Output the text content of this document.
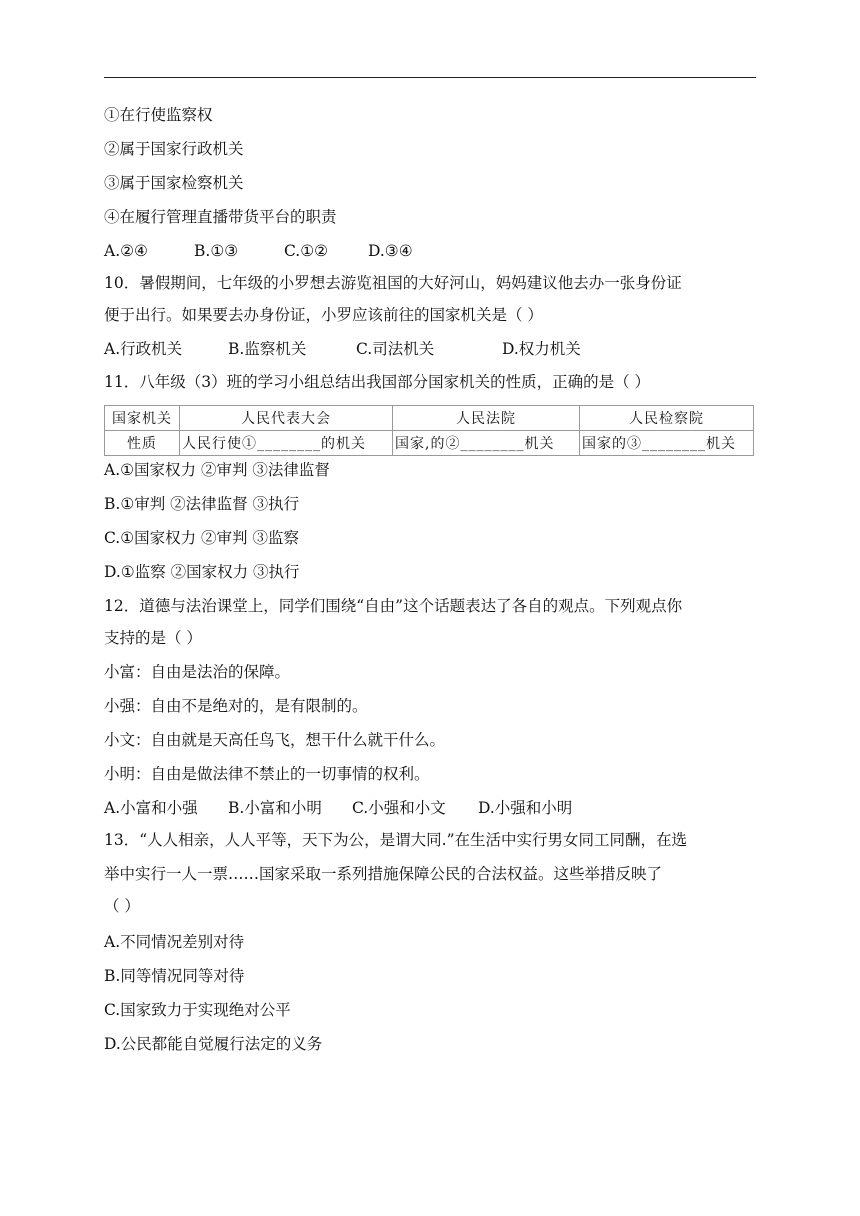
①在行使监察权
②属于国家行政机关
③属于国家检察机关
④在履行管理直播带货平台的职责
A.②④	B.①③	C.①②	D.③④
10．暑假期间，七年级的小罗想去游览祖国的大好河山，妈妈建议他去办一张身份证
便于出行。如果要去办身份证，小罗应该前往的国家机关是（ ）
A.行政机关	B.监察机关	C.司法机关	D.权力机关
11．八年级（3）班的学习小组总结出我国部分国家机关的性质，正确的是（ ）
国家机关	人民代表大会	人民法院	人民检察院
性质	人民行使①________的机关	国家,的②________机关	国家的③________机关
A.①国家权力 ②审判 ③法律监督
B.①审判 ②法律监督 ③执行
C.①国家权力 ②审判 ③监察
D.①监察 ②国家权力 ③执行
12．道德与法治课堂上，同学们围绕“自由”这个话题表达了各自的观点。下列观点你
支持的是（ ）
小富：自由是法治的保障。
小强：自由不是绝对的，是有限制的。
小文：自由就是天高任鸟飞，想干什么就干什么。
小明：自由是做法律不禁止的一切事情的权利。
A.小富和小强 B.小富和小明 C.小强和小文 D.小强和小明
13．“人人相亲，人人平等，天下为公，是谓大同.”在生活中实行男女同工同酬，在选
举中实行一人一票……国家采取一系列措施保障公民的合法权益。这些举措反映了
（ ）
A.不同情况差别对待
B.同等情况同等对待
C.国家致力于实现绝对公平
D.公民都能自觉履行法定的义务
